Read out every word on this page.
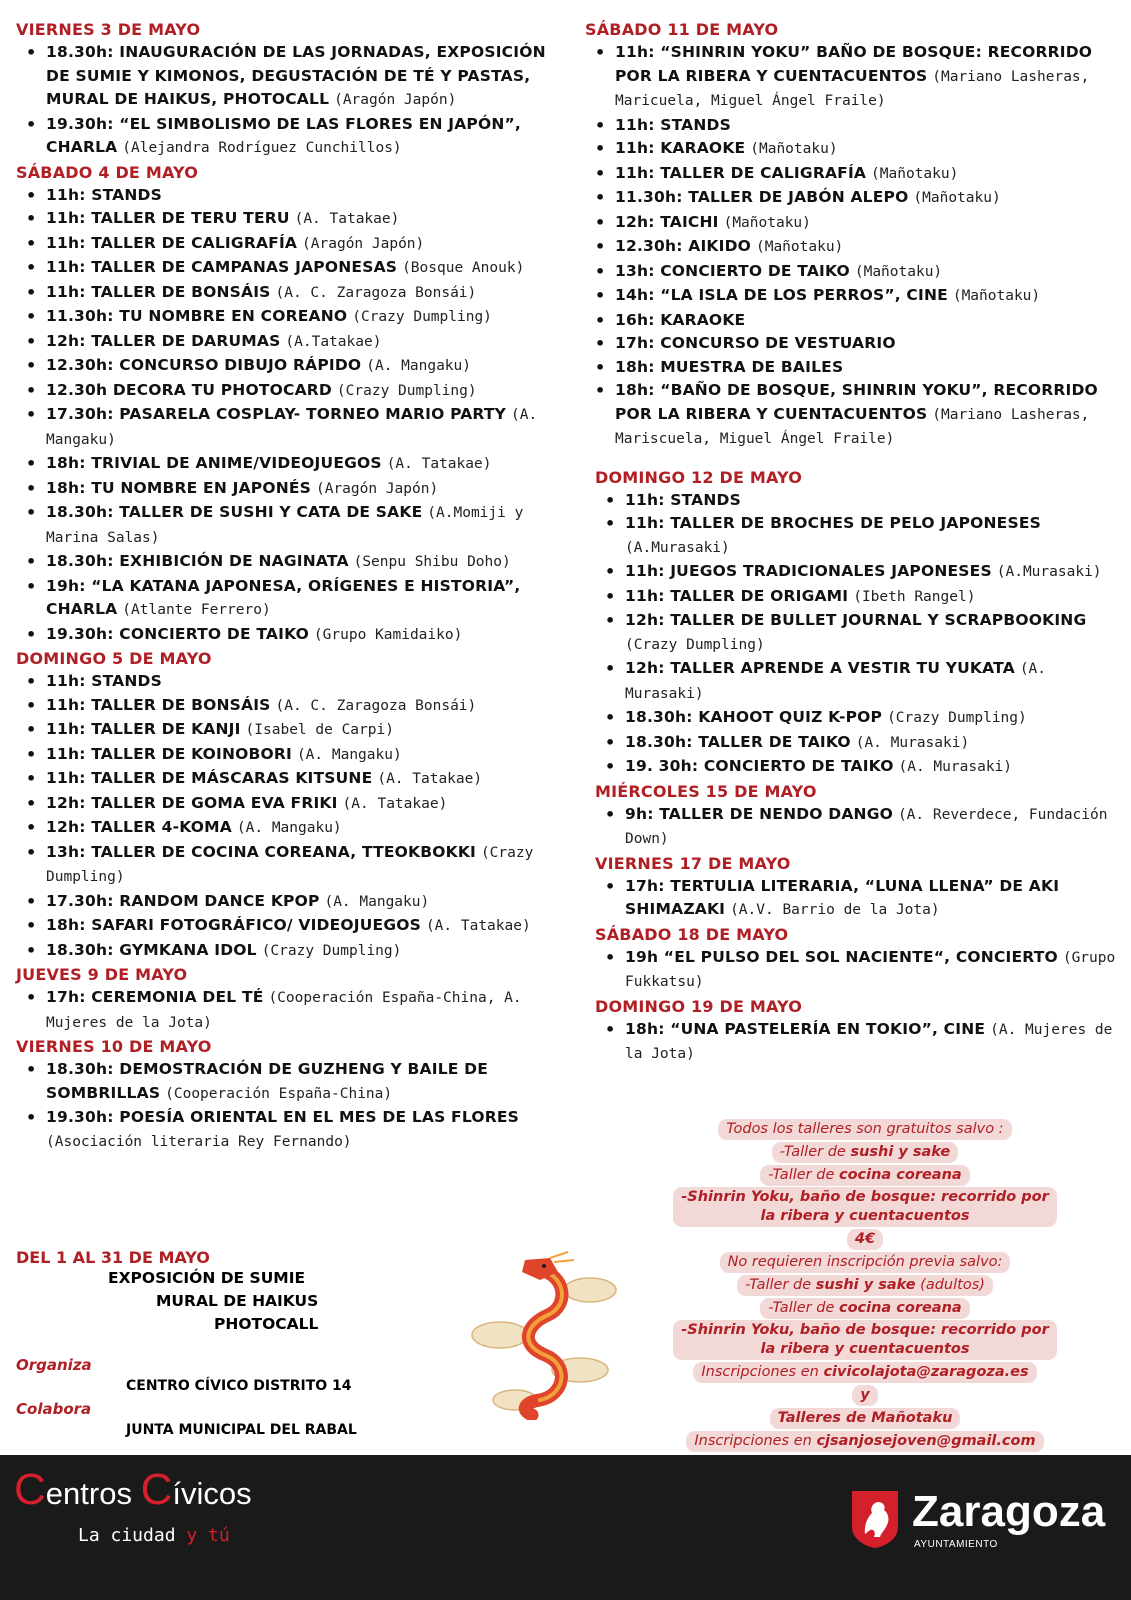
VIERNES 3 DE MAYO
• 18.30h: INAUGURACIÓN DE LAS JORNADAS, EXPOSICIÓN DE SUMIE Y KIMONOS, DEGUSTACIÓN DE TÉ Y PASTAS, MURAL DE HAIKUS, PHOTOCALL (Aragón Japón)
• 19.30h: “EL SIMBOLISMO DE LAS FLORES EN JAPÓN”, CHARLA (Alejandra Rodríguez Cunchillos)
SÁBADO 4 DE MAYO
• 11h: STANDS
• 11h: TALLER DE TERU TERU (A. Tatakae)
• 11h: TALLER DE CALIGRAFÍA (Aragón Japón)
• 11h: TALLER DE CAMPANAS JAPONESAS (Bosque Anouk)
• 11h: TALLER DE BONSÁIS (A. C. Zaragoza Bonsái)
• 11.30h: TU NOMBRE EN COREANO (Crazy Dumpling)
• 12h: TALLER DE DARUMAS (A.Tatakae)
• 12.30h: CONCURSO DIBUJO RÁPIDO (A. Mangaku)
• 12.30h DECORA TU PHOTOCARD (Crazy Dumpling)
• 17.30h: PASARELA COSPLAY- TORNEO MARIO PARTY (A. Mangaku)
• 18h: TRIVIAL DE ANIME/VIDEOJUEGOS (A. Tatakae)
• 18h: TU NOMBRE EN JAPONÉS (Aragón Japón)
• 18.30h: TALLER DE SUSHI Y CATA DE SAKE (A.Momiji y Marina Salas)
• 18.30h: EXHIBICIÓN DE NAGINATA (Senpu Shibu Doho)
• 19h: “LA KATANA JAPONESA, ORÍGENES E HISTORIA”, CHARLA (Atlante Ferrero)
• 19.30h: CONCIERTO DE TAIKO (Grupo Kamidaiko)
DOMINGO 5 DE MAYO
• 11h: STANDS
• 11h: TALLER DE BONSÁIS (A. C. Zaragoza Bonsái)
• 11h: TALLER DE KANJI (Isabel de Carpi)
• 11h: TALLER DE KOINOBORI (A. Mangaku)
• 11h: TALLER DE MÁSCARAS KITSUNE (A. Tatakae)
• 12h: TALLER DE GOMA EVA FRIKI (A. Tatakae)
• 12h: TALLER 4-KOMA (A. Mangaku)
• 13h: TALLER DE COCINA COREANA, TTEOKBOKKI (Crazy Dumpling)
• 17.30h: RANDOM DANCE KPOP (A. Mangaku)
• 18h: SAFARI FOTOGRÁFICO/ VIDEOJUEGOS (A. Tatakae)
• 18.30h: GYMKANA IDOL (Crazy Dumpling)
JUEVES 9 DE MAYO
• 17h: CEREMONIA DEL TÉ (Cooperación España-China, A. Mujeres de la Jota)
VIERNES 10 DE MAYO
• 18.30h: DEMOSTRACIÓN DE GUZHENG Y BAILE DE SOMBRILLAS (Cooperación España-China)
• 19.30h: POESÍA ORIENTAL EN EL MES DE LAS FLORES (Asociación literaria Rey Fernando)
SÁBADO 11 DE MAYO
• 11h: “SHINRIN YOKU” BAÑO DE BOSQUE: RECORRIDO POR LA RIBERA Y CUENTACUENTOS (Mariano Lasheras, Maricuela, Miguel Ángel Fraile)
• 11h: STANDS
• 11h: KARAOKE (Mañotaku)
• 11h: TALLER DE CALIGRAFÍA (Mañotaku)
• 11.30h: TALLER DE JABÓN ALEPO (Mañotaku)
• 12h: TAICHI (Mañotaku)
• 12.30h: AIKIDO (Mañotaku)
• 13h: CONCIERTO DE TAIKO (Mañotaku)
• 14h: “LA ISLA DE LOS PERROS”, CINE (Mañotaku)
• 16h: KARAOKE
• 17h: CONCURSO DE VESTUARIO
• 18h: MUESTRA DE BAILES
• 18h: “BAÑO DE BOSQUE, SHINRIN YOKU”, RECORRIDO POR LA RIBERA Y CUENTACUENTOS (Mariano Lasheras, Mariscuela, Miguel Ángel Fraile)
DOMINGO 12 DE MAYO
• 11h: STANDS
• 11h: TALLER DE BROCHES DE PELO JAPONESES (A.Murasaki)
• 11h: JUEGOS TRADICIONALES JAPONESES (A.Murasaki)
• 11h: TALLER DE ORIGAMI (Ibeth Rangel)
• 12h: TALLER DE BULLET JOURNAL Y SCRAPBOOKING (Crazy Dumpling)
• 12h: TALLER APRENDE A VESTIR TU YUKATA (A. Murasaki)
• 18.30h: KAHOOT QUIZ K-POP (Crazy Dumpling)
• 18.30h: TALLER DE TAIKO (A. Murasaki)
• 19. 30h: CONCIERTO DE TAIKO (A. Murasaki)
MIÉRCOLES 15 DE MAYO
• 9h: TALLER DE NENDO DANGO (A. Reverdece, Fundación Down)
VIERNES 17 DE MAYO
• 17h: TERTULIA LITERARIA, “LUNA LLENA” DE AKI SHIMAZAKI (A.V. Barrio de la Jota)
SÁBADO 18 DE MAYO
• 19h “EL PULSO DEL SOL NACIENTE“, CONCIERTO (Grupo Fukkatsu)
DOMINGO 19 DE MAYO
• 18h: “UNA PASTELERÍA EN TOKIO”, CINE (A. Mujeres de la Jota)
DEL 1 AL 31 DE MAYO
EXPOSICIÓN DE SUMIE
MURAL DE HAIKUS
PHOTOCALL
Organiza
CENTRO CÍVICO DISTRITO 14
Colabora
JUNTA MUNICIPAL DEL RABAL
Todos los talleres son gratuitos salvo :
-Taller de sushi y sake
-Taller de cocina coreana
-Shinrin Yoku, baño de bosque: recorrido por
la ribera y cuentacuentos
4€
No requieren inscripción previa salvo:
-Taller de sushi y sake (adultos)
-Taller de cocina coreana
-Shinrin Yoku, baño de bosque: recorrido por
la ribera y cuentacuentos
Inscripciones en civicolajota@zaragoza.es
y
Talleres de Mañotaku
Inscripciones en cjsanjosejoven@gmail.com
Centros Cívicos
La ciudad y tú	Zaragoza
AYUNTAMIENTO
